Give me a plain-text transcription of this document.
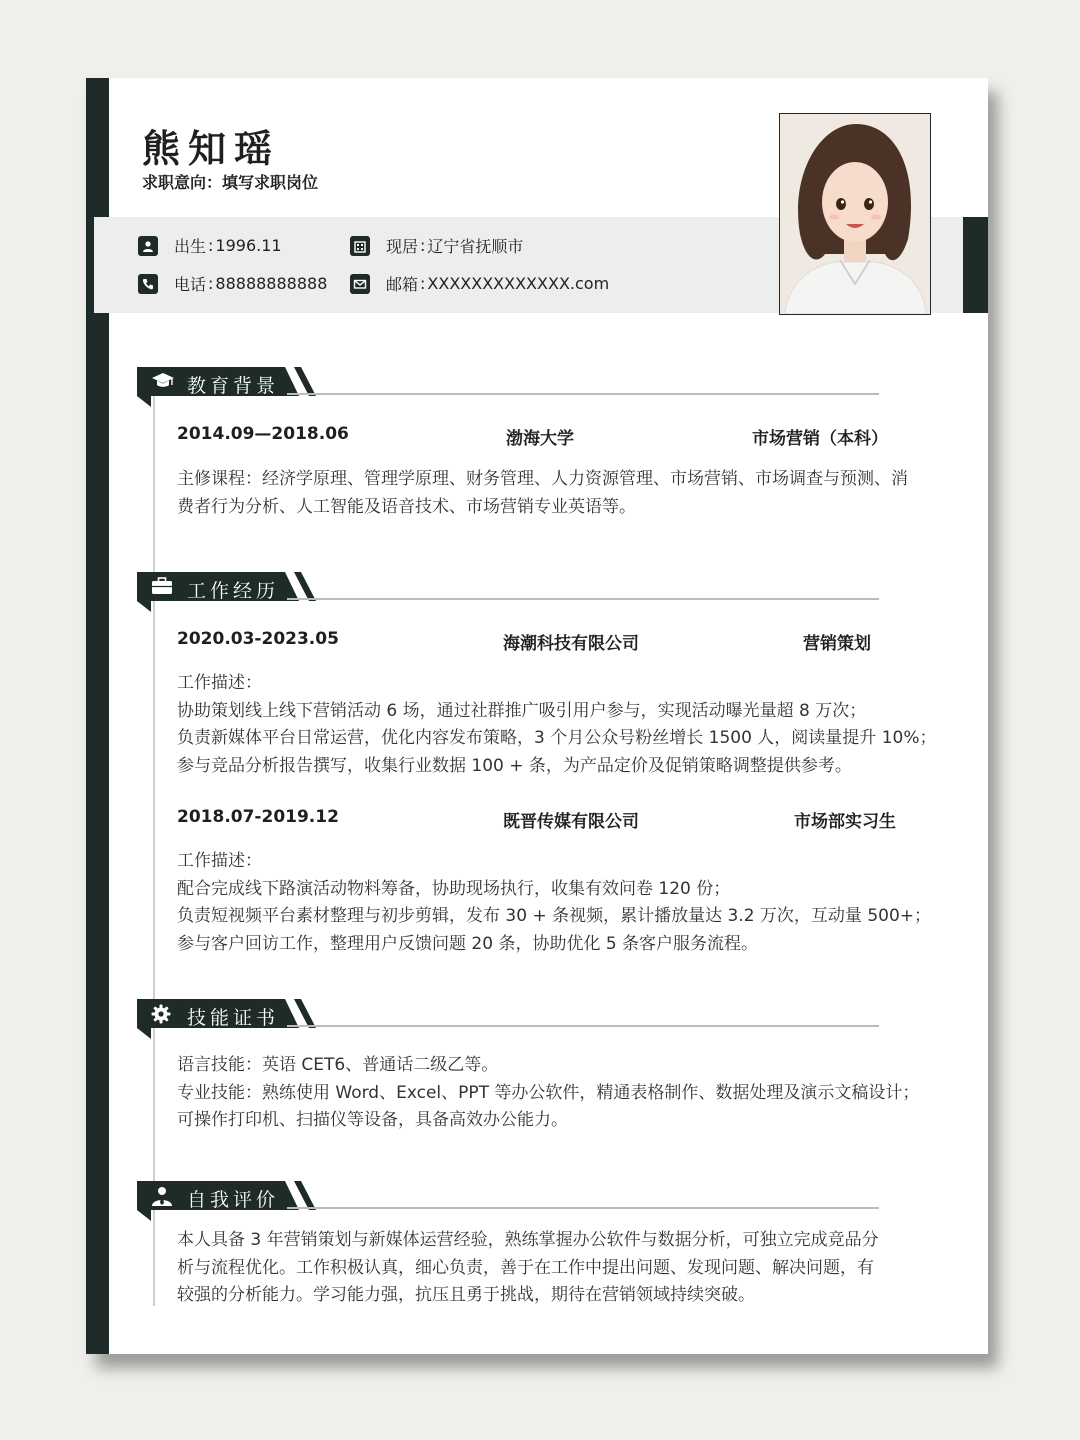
熊知瑶
求职意向：填写求职岗位
出生 : 1996.11	现居 : 辽宁省抚顺市
电话 : 88888888888	邮箱 : XXXXXXXXXXXXX.com
教育背景
2014.09—2018.06	渤海大学	市场营销（本科）
主修课程：经济学原理、管理学原理、财务管理、人力资源管理、市场营销、市场调查与预测、消
费者行为分析、人工智能及语音技术、市场营销专业英语等。
工作经历
2020.03-2023.05	海潮科技有限公司	营销策划
工作描述：
协助策划线上线下营销活动 6 场，通过社群推广吸引用户参与，实现活动曝光量超 8 万次；
负责新媒体平台日常运营，优化内容发布策略，3 个月公众号粉丝增长 1500 人，阅读量提升 10%；
参与竞品分析报告撰写，收集行业数据 100 + 条，为产品定价及促销策略调整提供参考。
2018.07-2019.12	既晋传媒有限公司	市场部实习生
工作描述：
配合完成线下路演活动物料筹备，协助现场执行，收集有效问卷 120 份；
负责短视频平台素材整理与初步剪辑，发布 30 + 条视频，累计播放量达 3.2 万次，互动量 500+；
参与客户回访工作，整理用户反馈问题 20 条，协助优化 5 条客户服务流程。
技能证书
语言技能：英语 CET6、普通话二级乙等。
专业技能：熟练使用 Word、Excel、PPT 等办公软件，精通表格制作、数据处理及演示文稿设计；
可操作打印机、扫描仪等设备，具备高效办公能力。
自我评价
本人具备 3 年营销策划与新媒体运营经验，熟练掌握办公软件与数据分析，可独立完成竞品分
析与流程优化。工作积极认真，细心负责，善于在工作中提出问题、发现问题、解决问题，有
较强的分析能力。学习能力强，抗压且勇于挑战，期待在营销领域持续突破。
